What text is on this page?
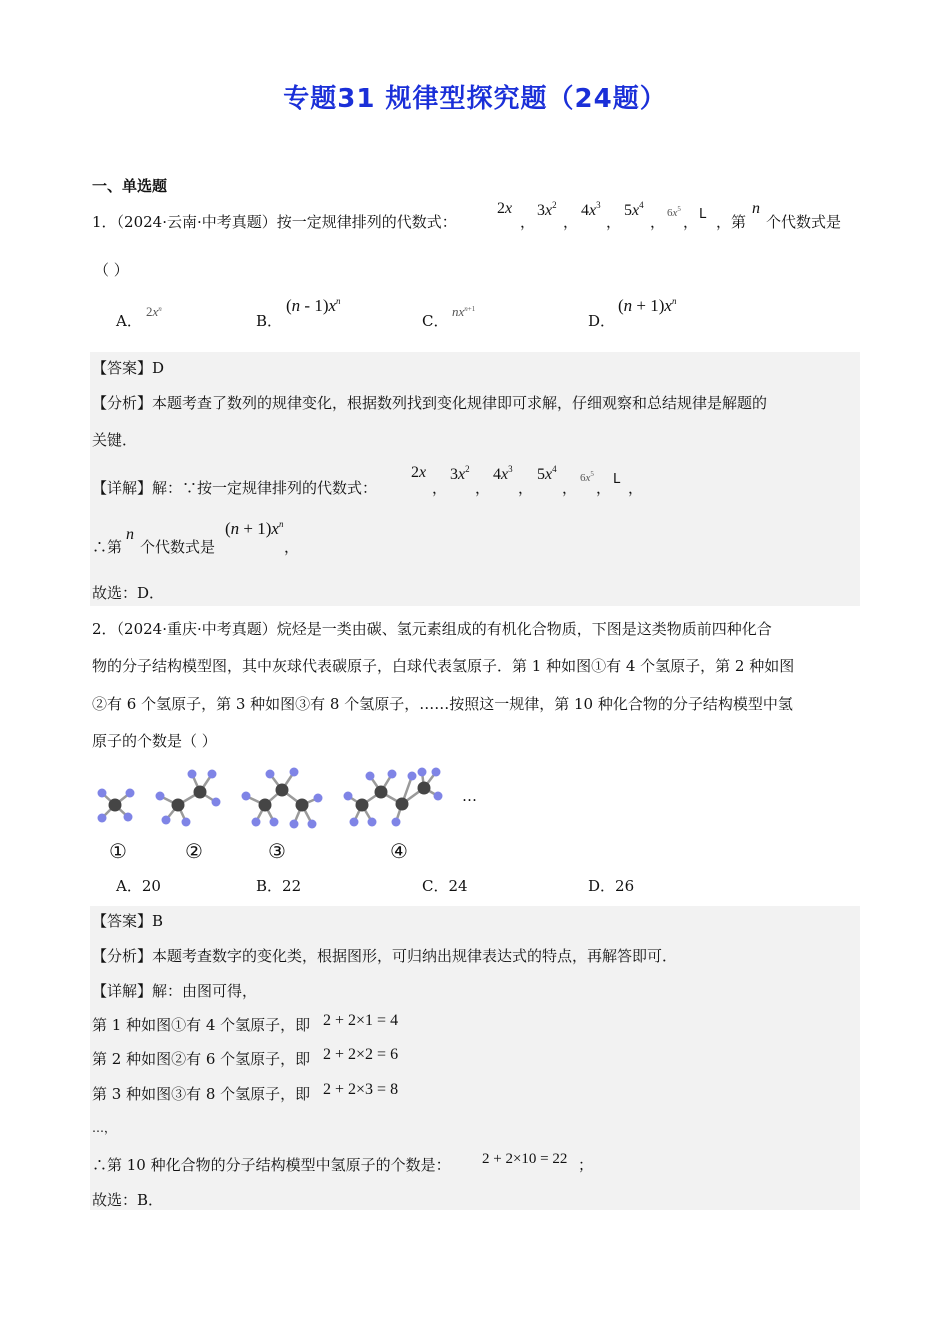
专题31 规律型探究题（24题）
一、单选题
1．（2024·云南·中考真题）按一定规律排列的代数式：
2x
，
$3x^2$
，
$4x^3$
，
$5x^4$
， $6x^5$
， L ，第
n
个代数式是
（ ）
A．
$2x^n$
B．
$(n - 1)x^n$
C．
$nx^{n+1}$
D．
$(n + 1)x^n$
【答案】D
【分析】本题考查了数列的规律变化，根据数列找到变化规律即可求解，仔细观察和总结规律是解题的
关键．
【详解】解：∵按一定规律排列的代数式：
2x
，
$3x^2$
，
$4x^3$
，
$5x^4$
，
$6x^5$
， L ，
∴第
n
个代数式是
$(n + 1)x^n$
，
故选：D．
2．（2024·重庆·中考真题）烷烃是一类由碳、氢元素组成的有机化合物质，下图是这类物质前四种化合
物的分子结构模型图，其中灰球代表碳原子，白球代表氢原子．第 1 种如图①有 4 个氢原子，第 2 种如图
②有 6 个氢原子，第 3 种如图③有 8 个氢原子，……按照这一规律，第 10 种化合物的分子结构模型中氢
原子的个数是（ ）
…
①	②	③	④
A．20	B．22	C．24	D．26
【答案】B
【分析】本题考查数字的变化类，根据图形，可归纳出规律表达式的特点，再解答即可．
【详解】解：由图可得，
第 1 种如图①有 4 个氢原子，即 2 + 2×1 = 4
第 2 种如图②有 6 个氢原子，即 2 + 2×2 = 6
第 3 种如图③有 8 个氢原子，即 2 + 2×3 = 8
…，
∴第 10 种化合物的分子结构模型中氢原子的个数是： 2 + 2×10 = 22 ；
故选：B．
